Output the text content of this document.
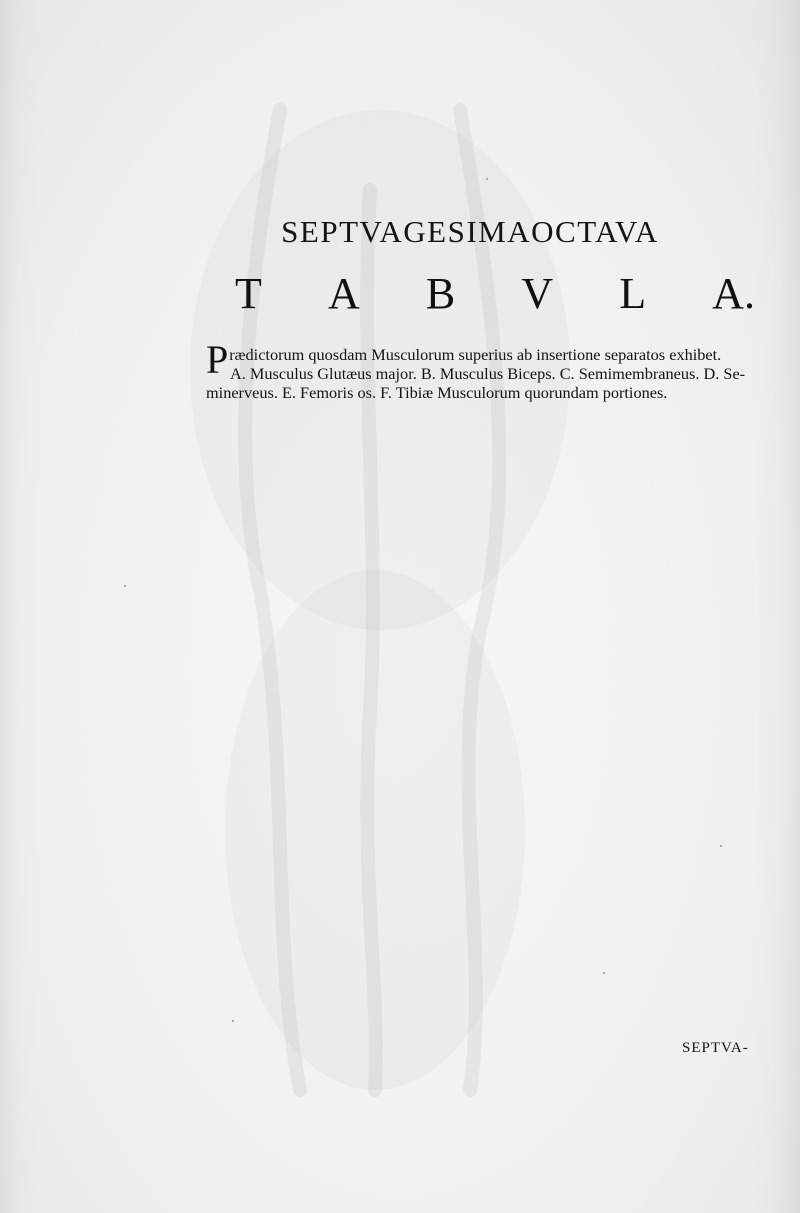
SEPTVAGESIMAOCTAVA
T A B V L A.
P rædictorum quosdam Musculorum superius ab insertione separatos exhibet.
A. Musculus Glutæus major. B. Musculus Biceps. C. Semimembraneus. D. Se-
minerveus. E. Femoris os. F. Tibiæ Musculorum quorundam portiones.
SEPTVA-
